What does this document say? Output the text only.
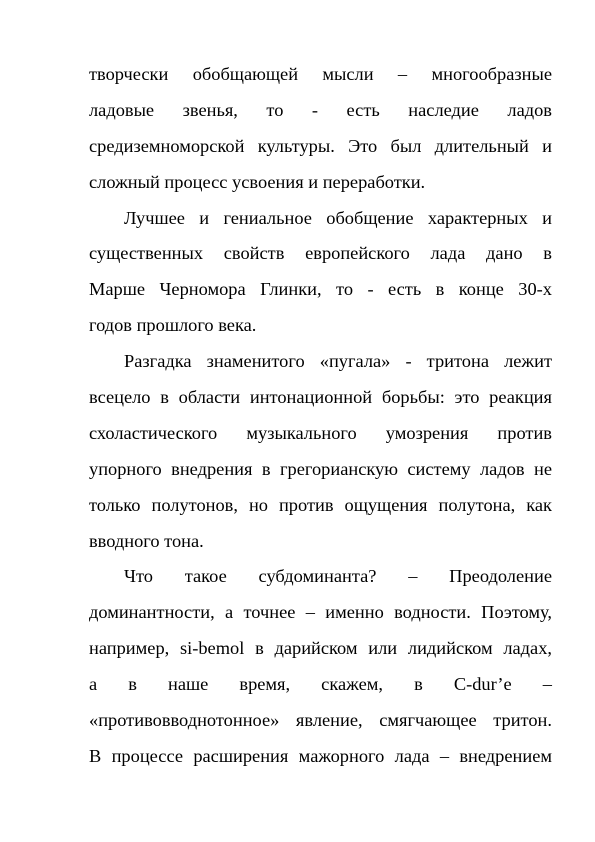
творчески обобщающей мысли – многообразные
ладовые звенья, то - есть наследие ладов
средиземноморской культуры. Это был длительный и
сложный процесс усвоения и переработки.
Лучшее и гениальное обобщение характерных и
существенных свойств европейского лада дано в
Марше Черномора Глинки, то - есть в конце 30-х
годов прошлого века.
Разгадка знаменитого «пугала» - тритона лежит
всецело в области интонационной борьбы: это реакция
схоластического музыкального умозрения против
упорного внедрения в грегорианскую систему ладов не
только полутонов, но против ощущения полутона, как
вводного тона.
Что такое субдоминанта? – Преодоление
доминантности, а точнее – именно водности. Поэтому,
например, si-bemol в дарийском или лидийском ладах,
а в наше время, скажем, в C-dur’е –
«противовводнотонное» явление, смягчающее тритон.
В процессе расширения мажорного лада – внедрением
